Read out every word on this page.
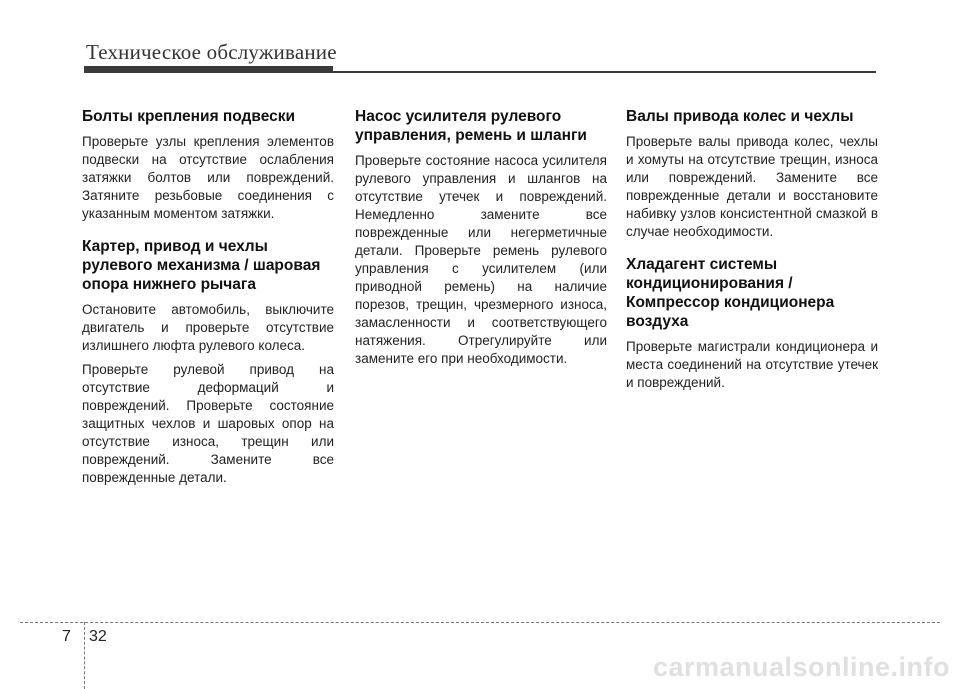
Техническое обслуживание
Болты крепления подвески

Проверьте узлы крепления элементов подвески на отсутствие ослабления затяжки болтов или повреждений. Затяните резьбовые соединения с указанным моментом затяжки.

Картер, привод и чехлы рулевого механизма / шаровая опора нижнего рычага

Остановите автомобиль, выключите двигатель и проверьте отсутствие излишнего люфта рулевого колеса.

Проверьте рулевой привод на отсутствие деформаций и повреждений. Проверьте состояние защитных чехлов и шаровых опор на отсутствие износа, трещин или повреждений. Замените все поврежденные детали.

Насос усилителя рулевого управления, ремень и шланги

Проверьте состояние насоса усилителя рулевого управления и шлангов на отсутствие утечек и повреждений. Немедленно замените все поврежденные или негерметичные детали. Проверьте ремень рулевого управления с усилителем (или приводной ремень) на наличие порезов, трещин, чрезмерного износа, замасленности и соответствующего натяжения. Отрегулируйте или замените его при необходимости.

Валы привода колес и чехлы

Проверьте валы привода колес, чехлы и хомуты на отсутствие трещин, износа или повреждений. Замените все поврежденные детали и восстановите набивку узлов консистентной смазкой в случае необходимости.

Хладагент системы кондиционирования / Компрессор кондиционера воздуха

Проверьте магистрали кондиционера и места соединений на отсутствие утечек и повреждений.

7 32
carmanualsonline.info
